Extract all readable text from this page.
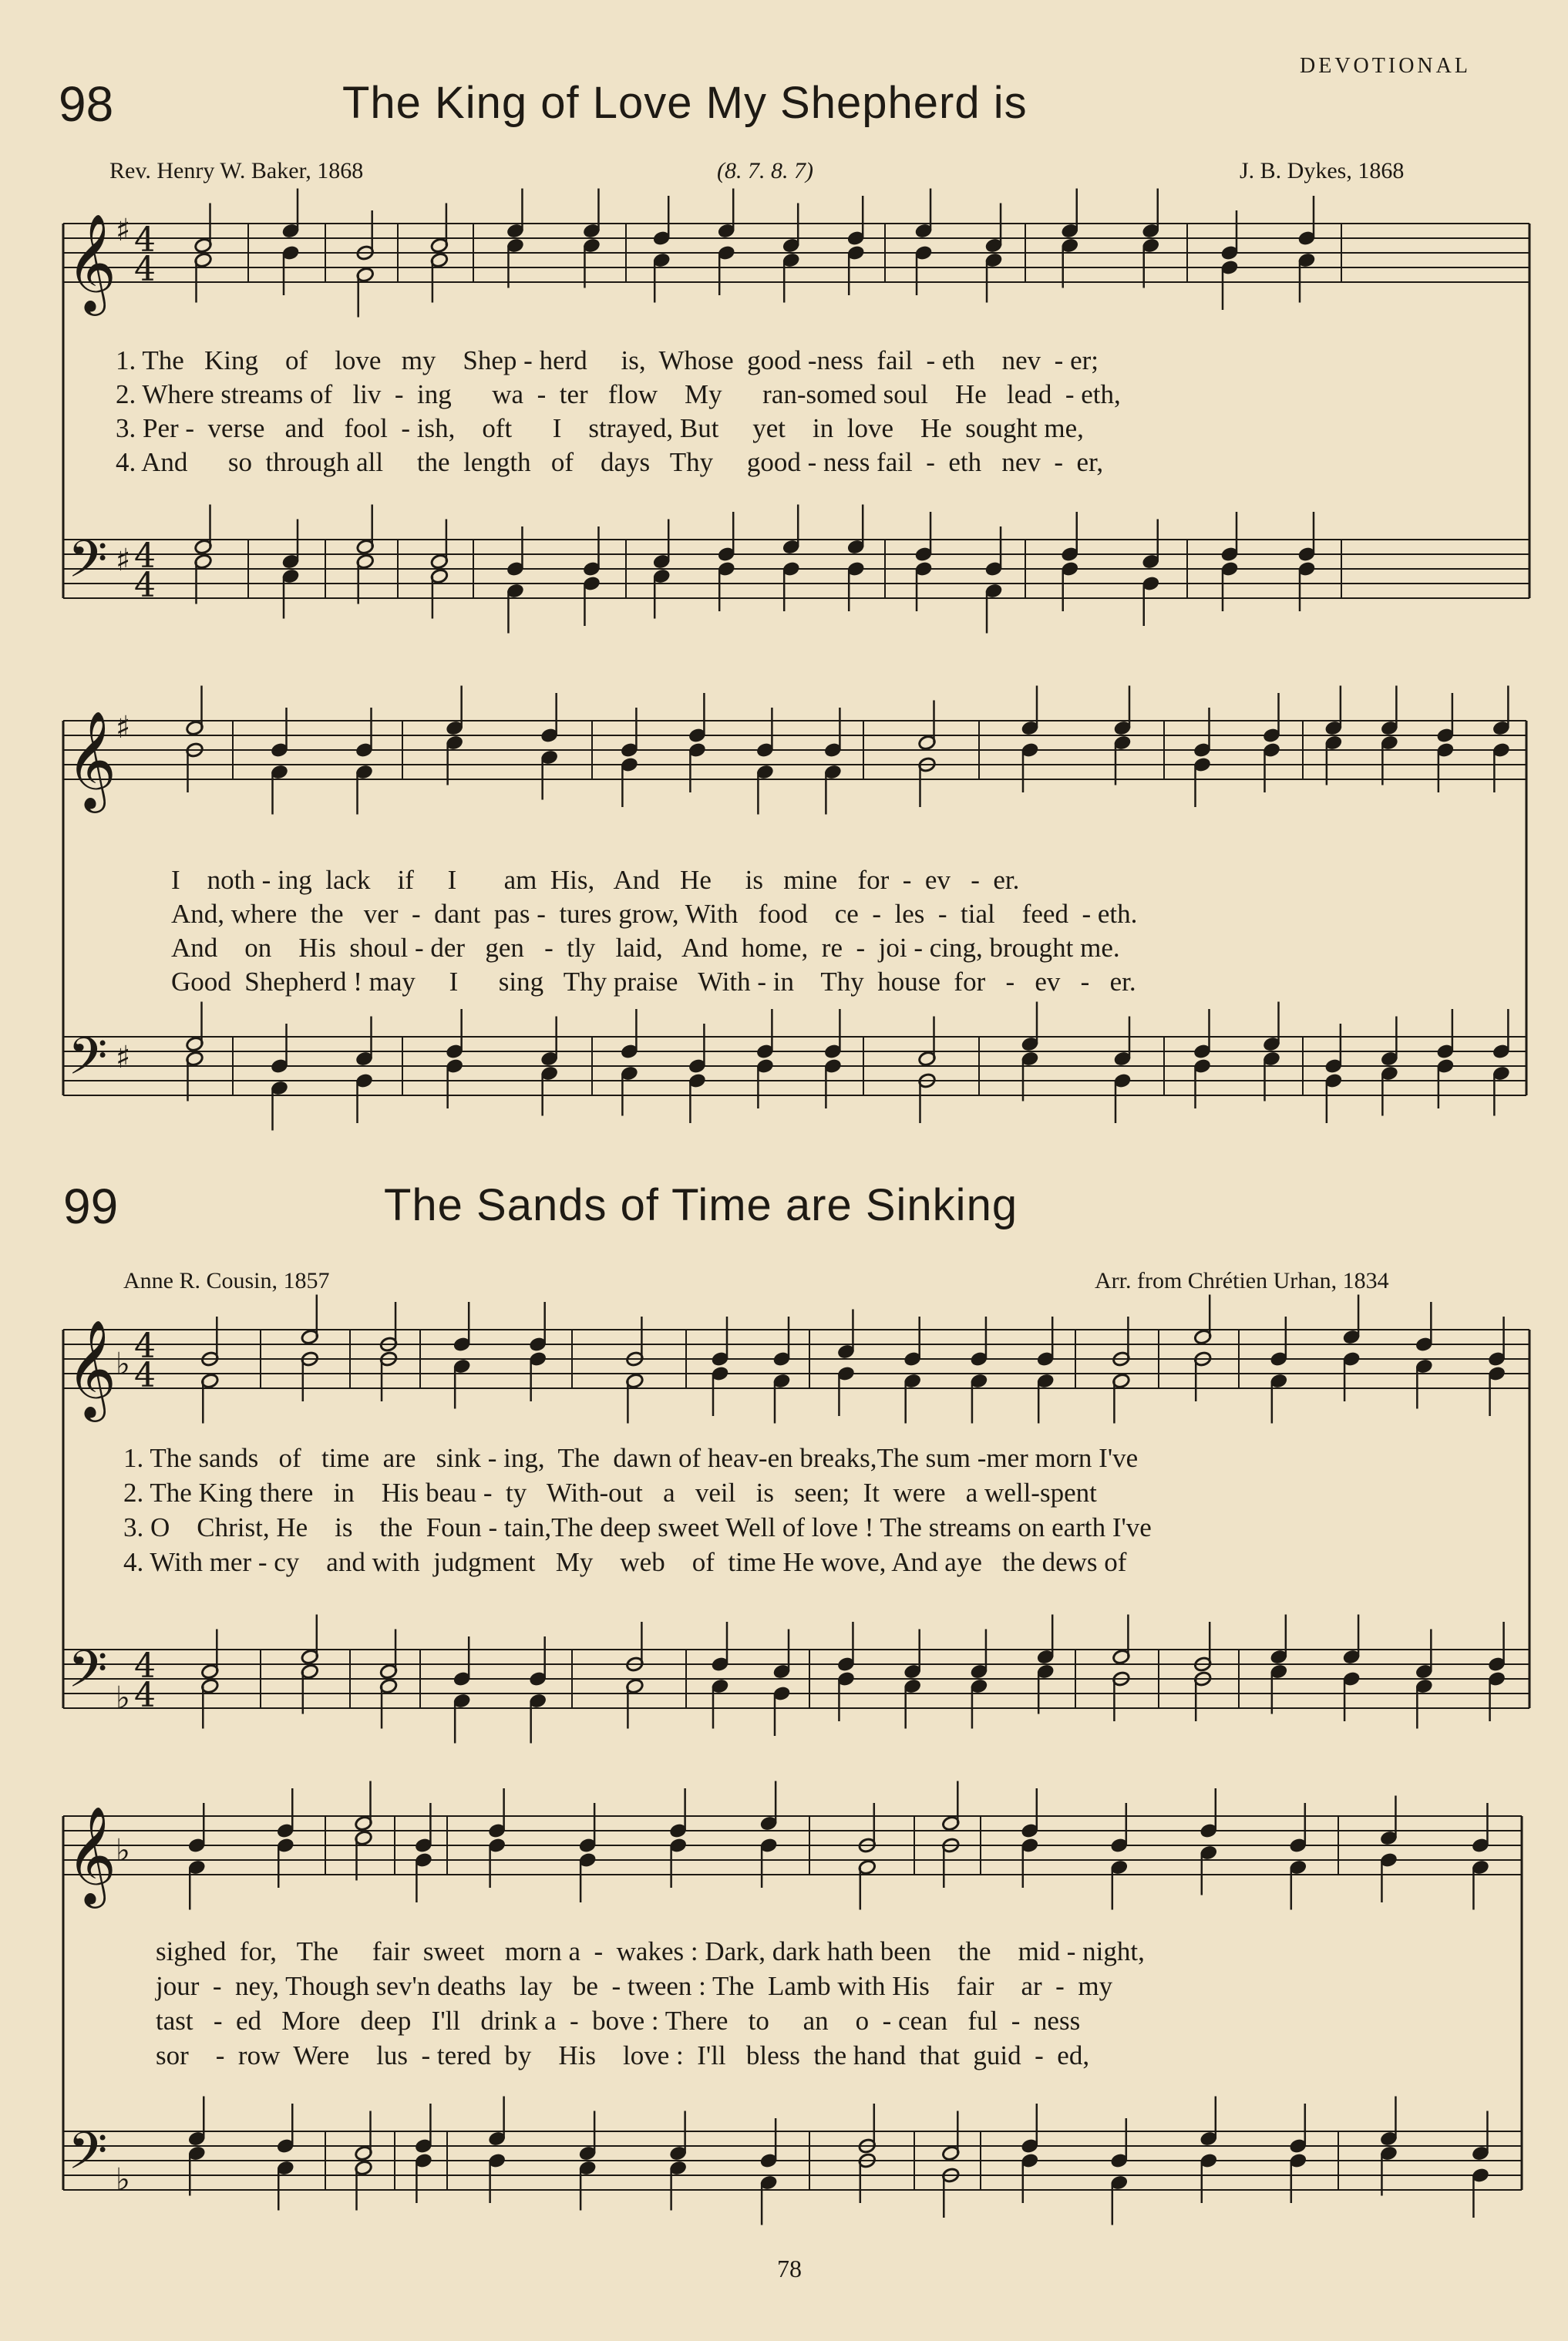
DEVOTIONAL
98	The King of Love My Shepherd is
Rev. Henry W. Baker, 1868	(8. 7. 8. 7)	J. B. Dykes, 1868
1. The   King    of    love   my    Shep - herd     is,  Whose  good -ness  fail  - eth    nev  - er;
2. Where streams of   liv  -  ing      wa  -  ter   flow    My      ran-somed soul    He   lead  - eth,
3. Per -  verse   and   fool  - ish,    oft      I    strayed, But     yet    in  love    He  sought me,
4. And      so  through all     the  length   of    days   Thy     good - ness fail  -  eth   nev  -  er,
I    noth - ing  lack    if     I       am  His,   And   He     is   mine   for  -  ev   -  er.
And, where  the   ver  -  dant  pas -  tures grow, With   food    ce  -  les  -  tial    feed  - eth.
And    on    His  shoul - der   gen   -  tly   laid,   And  home,  re  -  joi - cing, brought me.
Good  Shepherd ! may     I      sing   Thy praise   With - in    Thy  house  for   -   ev   -   er.
99	The Sands of Time are Sinking
Anne R. Cousin, 1857	Arr. from Chrétien Urhan, 1834
1. The sands   of   time  are   sink - ing,  The  dawn of heav-en breaks,The sum -mer morn I've
2. The King there   in    His beau -  ty   With-out   a   veil   is   seen;  It  were   a well-spent
3. O    Christ, He    is    the  Foun - tain,The deep sweet Well of love ! The streams on earth I've
4. With mer - cy    and with  judgment   My    web    of  time He wove, And aye   the dews of
sighed  for,   The     fair  sweet   morn a  -  wakes : Dark, dark hath been    the    mid - night,
jour  -  ney, Though sev'n deaths  lay   be  - tween : The  Lamb with His    fair    ar  -  my
tast   -  ed   More   deep   I'll   drink a  -  bove : There   to     an    o  - cean   ful  -  ness
sor    -  row  Were    lus  - tered  by    His    love :  I'll   bless  the hand  that  guid  -  ed,
78
𝄞
♯ 4
4
𝄢 ♯ 4
4
𝄞
♯
𝄢 ♯
𝄞
♭ 4
4
𝄢 ♭
4
4
𝄞
♭
𝄢 ♭
